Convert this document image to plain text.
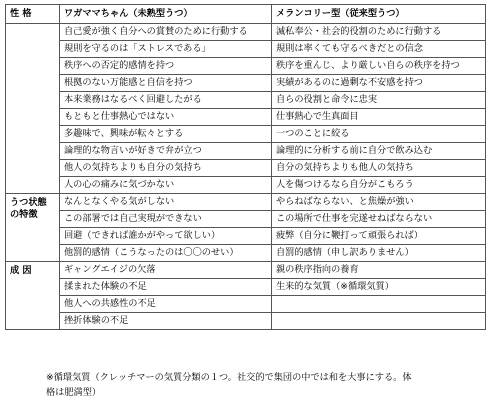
性 格	ワガママちゃん（未熟型うつ）	メランコリー型（従来型うつ）
	自己愛が強く自分への賞賛のために行動する	滅私奉公・社会的役割のために行動する
	規則を守るのは「ストレスである」	規則は率くても守るべきだとの信念
	秩序への否定的感情を持つ	秩序を重んじ、より厳しい自らの秩序を持つ
	根拠のない万能感と自信を持つ	実績があるのに過剰な不安感を持つ
	本来業務はなるべく回避したがる	自らの役割と命令に忠実
	もともと仕事熱心ではない	仕事熱心で生真面目
	多趣味で、興味が転々とする	一つのことに絞る
	論理的な物言いが好きで弁が立つ	論理的に分析する前に自分で飲み込む
	他人の気持ちよりも自分の気持ち	自分の気持ちよりも他人の気持ち
	人の心の痛みに気づかない	人を傷つけるなら自分がこもろう
うつ状態の特徴	なんとなくやる気がしない	やらねばならない、と焦燥が強い
	この部署では自己実現ができない	この場所で仕事を完遂せねばならない
	回避（できれば誰かがやって欲しい）	疲弊（自分に鞭打って頑張られば）
	他罰的感情（こうなったのは〇〇のせい）	自罰的感情（申し訳ありません）
成 因	ギャングエイジの欠落	親の秩序指向の養育
	揉まれた体験の不足	生来的な気質（※循環気質）
	他人への共感性の不足	
	挫折体験の不足	
※循環気質（クレッチマーの気質分類の１つ。社交的で集団の中では和を大事にする。体
格は肥満型）
